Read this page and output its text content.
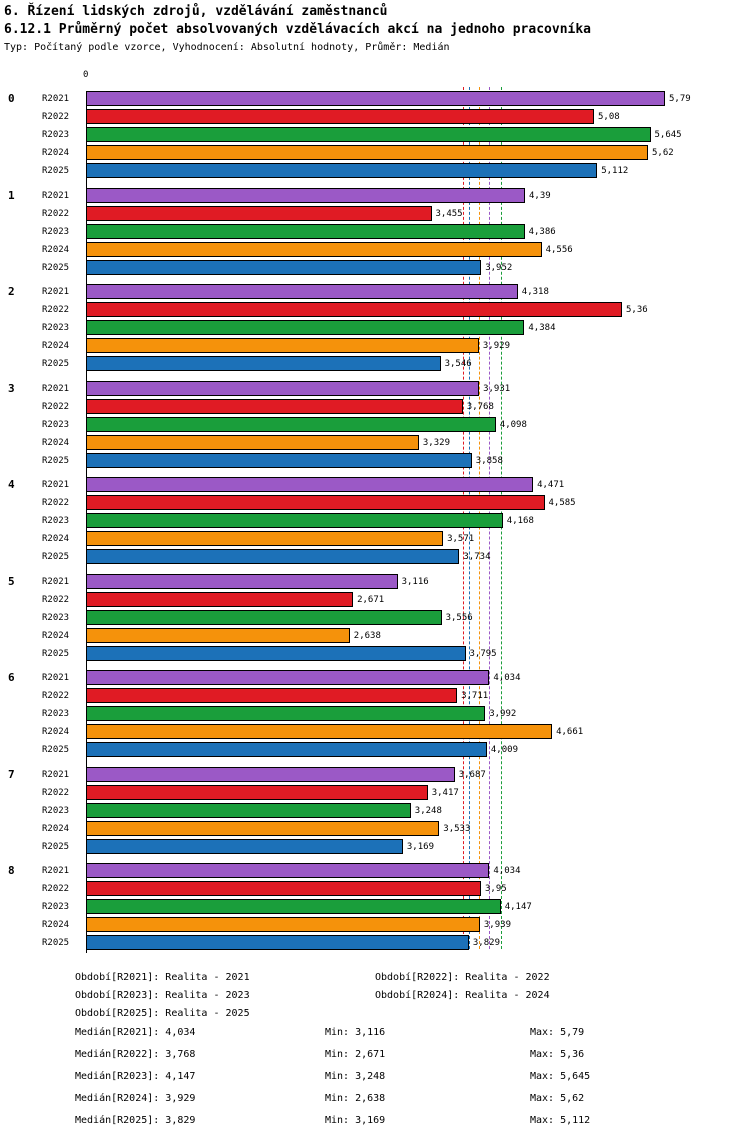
6. Řízení lidských zdrojů, vzdělávání zaměstnanců
6.12.1 Průměrný počet absolvovaných vzdělávacích akcí na jednoho pracovníka
Typ: Počítaný podle vzorce, Vyhodnocení: Absolutní hodnoty, Průměr: Medián
0
0	R2021	5,79
R2022	5,08
R2023	5,645
R2024	5,62
R2025	5,112
1	R2021	4,39
R2022	3,455
R2023	4,386
R2024	4,556
R2025	3,952
2	R2021	4,318
R2022	5,36
R2023	4,384
R2024	3,929
R2025	3,546
3	R2021	3,931
R2022	3,768
R2023	4,098
R2024	3,329
R2025	3,858
4	R2021	4,471
R2022	4,585
R2023	4,168
R2024	3,571
R2025	3,734
5	R2021	3,116
R2022	2,671
R2023	3,556
R2024	2,638
R2025	3,795
6	R2021	4,034
R2022	3,711
R2023	3,992
R2024	4,661
R2025	4,009
7	R2021	3,687
R2022	3,417
R2023	3,248
R2024	3,533
R2025	3,169
8	R2021	4,034
R2022	3,95
R2023	4,147
R2024	3,939
R2025	3,829
Období[R2021]: Realita - 2021	Období[R2022]: Realita - 2022
Období[R2023]: Realita - 2023	Období[R2024]: Realita - 2024
Období[R2025]: Realita - 2025
Medián[R2021]: 4,034	Min: 3,116	Max: 5,79
Medián[R2022]: 3,768	Min: 2,671	Max: 5,36
Medián[R2023]: 4,147	Min: 3,248	Max: 5,645
Medián[R2024]: 3,929	Min: 2,638	Max: 5,62
Medián[R2025]: 3,829	Min: 3,169	Max: 5,112
